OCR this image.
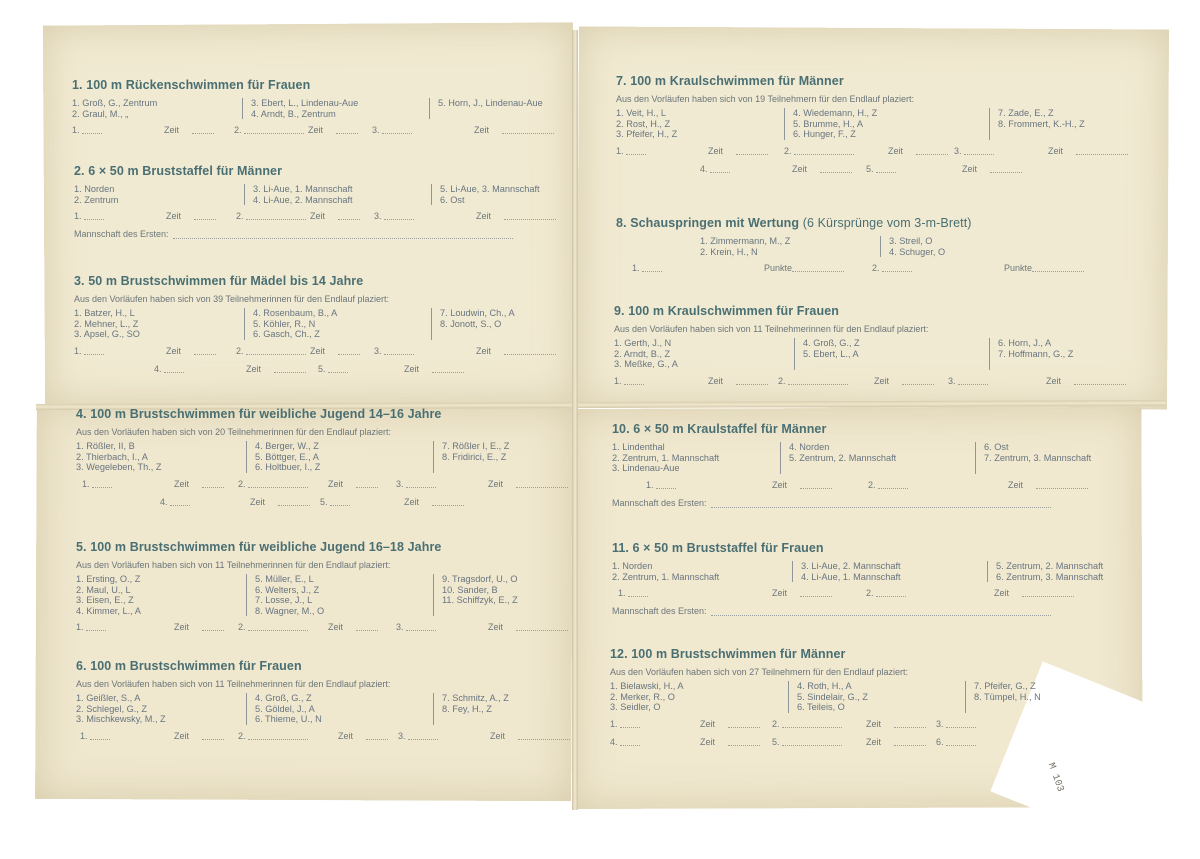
M 103
1. 100 m Rückenschwimmen für Frauen
1. Groß, G., Zentrum
2. Graul, M., „
3. Ebert, L., Lindenau-Aue
4. Arndt, B., Zentrum
5. Horn, J., Lindenau-Aue
1.	Zeit	2.	Zeit	3.	Zeit
2. 6 × 50 m Bruststaffel für Männer
1. Norden
2. Zentrum
3. Li-Aue, 1. Mannschaft
4. Li-Aue, 2. Mannschaft
5. Li-Aue, 3. Mannschaft
6. Ost
1.	Zeit	2.	Zeit	3.	Zeit
Mannschaft des Ersten:
3. 50 m Brustschwimmen für Mädel bis 14 Jahre
Aus den Vorläufen haben sich von 39 Teilnehmerinnen für den Endlauf plaziert:
1. Batzer, H., L
2. Mehner, L., Z
3. Apsel, G., SO
4. Rosenbaum, B., A
5. Köhler, R., N
6. Gasch, Ch., Z
7. Loudwin, Ch., A
8. Jonott, S., O
1.	Zeit	2.	Zeit	3.	Zeit
4.	Zeit	5.	Zeit
4. 100 m Brustschwimmen für weibliche Jugend 14–16 Jahre
Aus den Vorläufen haben sich von 20 Teilnehmerinnen für den Endlauf plaziert:
1. Rößler, II, B
2. Thierbach, I., A
3. Wegeleben, Th., Z
4. Berger, W., Z
5. Böttger, E., A
6. Holtbuer, I., Z
7. Rößler I, E., Z
8. Fridirici, E., Z
1.	Zeit	2.	Zeit	3.	Zeit
4.	Zeit	5.	Zeit
5. 100 m Brustschwimmen für weibliche Jugend 16–18 Jahre
Aus den Vorläufen haben sich von 11 Teilnehmerinnen für den Endlauf plaziert:
1. Ersting, O., Z
2. Maul, U., L
3. Eisen, E., Z
4. Kimmer, L., A
5. Müller, E., L
6. Welters, J., Z
7. Losse, J., L
8. Wagner, M., O
9. Tragsdorf, U., O
10. Sander, B
11. Schiffzyk, E., Z
1.	Zeit	2.	Zeit	3.	Zeit
6. 100 m Brustschwimmen für Frauen
Aus den Vorläufen haben sich von 11 Teilnehmerinnen für den Endlauf plaziert:
1. Geißler, S., A
2. Schlegel, G., Z
3. Mischkewsky, M., Z
4. Groß, G., Z
5. Göldel, J., A
6. Thieme, U., N
7. Schmitz, A., Z
8. Fey, H., Z
1.	Zeit	2.	Zeit	3.	Zeit
7. 100 m Kraulschwimmen für Männer
Aus den Vorläufen haben sich von 19 Teilnehmern für den Endlauf plaziert:
1. Veit, H., L
2. Rost, H., Z
3. Pfeifer, H., Z
4. Wiedemann, H., Z
5. Brumme, H., A
6. Hunger, F., Z
7. Zade, E., Z
8. Frommert, K.-H., Z
1.	Zeit	2.	Zeit	3.	Zeit
4.	Zeit	5.	Zeit
8. Schauspringen mit Wertung (6 Kürsprünge vom 3-m-Brett)
1. Zimmermann, M., Z
2. Krein, H., N
3. Streil, O
4. Schuger, O
1.	Punkte	2.	Punkte
9. 100 m Kraulschwimmen für Frauen
Aus den Vorläufen haben sich von 11 Teilnehmerinnen für den Endlauf plaziert:
1. Gerth, J., N
2. Arndt, B., Z
3. Meßke, G., A
4. Groß, G., Z
5. Ebert, L., A
6. Horn, J., A
7. Hoffmann, G., Z
1.	Zeit	2.	Zeit	3.	Zeit
10. 6 × 50 m Kraulstaffel für Männer
1. Lindenthal
2. Zentrum, 1. Mannschaft
3. Lindenau-Aue
4. Norden
5. Zentrum, 2. Mannschaft
6. Ost
7. Zentrum, 3. Mannschaft
1.	Zeit	2.	Zeit
Mannschaft des Ersten:
11. 6 × 50 m Bruststaffel für Frauen
1. Norden
2. Zentrum, 1. Mannschaft
3. Li-Aue, 2. Mannschaft
4. Li-Aue, 1. Mannschaft
5. Zentrum, 2. Mannschaft
6. Zentrum, 3. Mannschaft
1.	Zeit	2.	Zeit
Mannschaft des Ersten:
12. 100 m Brustschwimmen für Männer
Aus den Vorläufen haben sich von 27 Teilnehmern für den Endlauf plaziert:
1. Bielawski, H., A
2. Merker, R., O
3. Seidler, O
4. Roth, H., A
5. Sindelair, G., Z
6. Teileis, O
7. Pfeifer, G., Z
8. Tümpel, H., N
1.	Zeit	2.	Zeit	3.
4.	Zeit	5.	Zeit	6.
